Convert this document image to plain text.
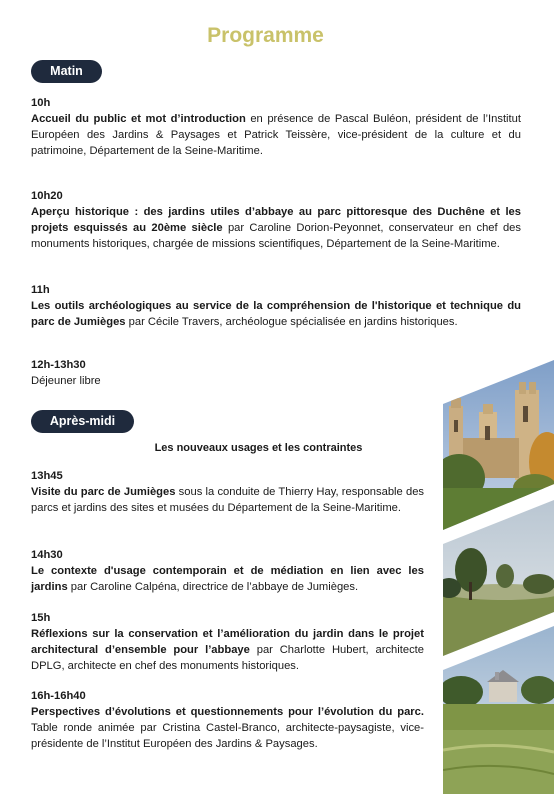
Programme
Matin
10h
Accueil du public et mot d’introduction en présence de Pascal Buléon, président de l’Institut Européen des Jardins & Paysages et Patrick Teissère, vice-président de la culture et du patrimoine, Département de la Seine-Maritime.
10h20
Aperçu historique : des jardins utiles d’abbaye au parc pittoresque des Duchêne et les projets esquissés au 20ème siècle par Caroline Dorion-Peyonnet, conservateur en chef des monuments historiques, chargée de missions scientifiques, Département de la Seine-Maritime.
11h
Les outils archéologiques au service de la compréhension de l'historique et technique du parc de Jumièges par Cécile Travers, archéologue spécialisée en jardins historiques.
12h-13h30
Déjeuner libre
Après-midi
Les nouveaux usages et les contraintes
13h45
Visite du parc de Jumièges sous la conduite de Thierry Hay, responsable des parcs et jardins des sites et musées du Département de la Seine-Maritime.
14h30
Le contexte d'usage contemporain et de médiation en lien avec les jardins par Caroline Calpéna, directrice de l’abbaye de Jumièges.
15h
Réflexions sur la conservation et l’amélioration du jardin dans le projet architectural d’ensemble pour l’abbaye par Charlotte Hubert, architecte DPLG, architecte en chef des monuments historiques.
16h-16h40
Perspectives d’évolutions et questionnements pour l’évolution du parc. Table ronde animée par Cristina Castel-Branco, architecte-paysagiste, vice-présidente de l’Institut Européen des Jardins & Paysages.
